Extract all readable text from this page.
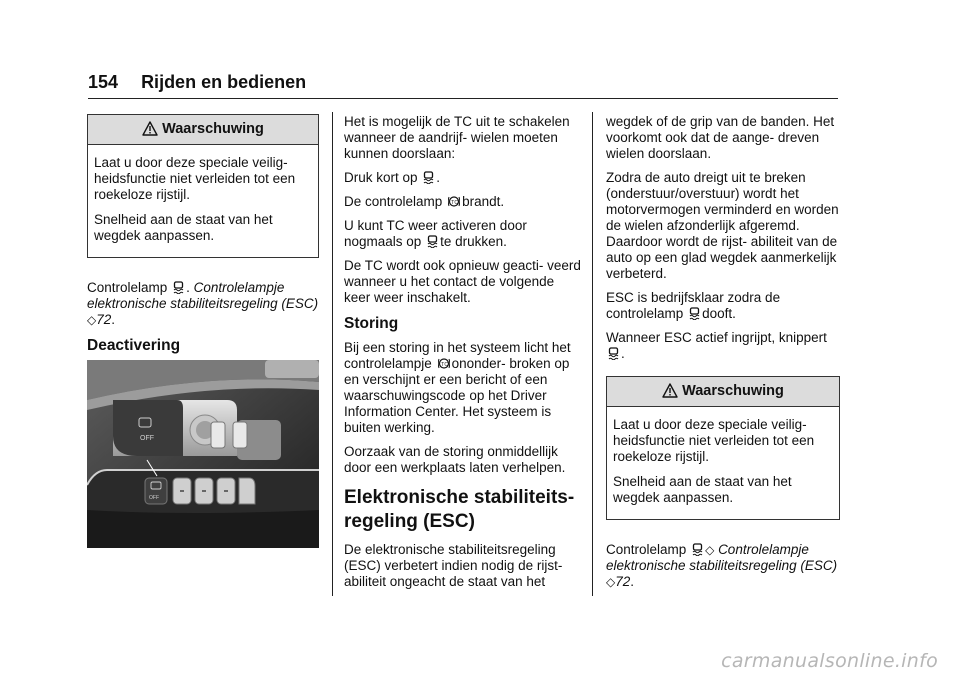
154 Rijden en bedienen
Waarschuwing

Laat u door deze speciale veilig- heidsfunctie niet verleiden tot een roekeloze rijstijl.

Snelheid aan de staat van het wegdek aanpassen.

Controlelamp . Controlelampje elektronische stabiliteitsregeling (ESC) ◇72.

Deactivering
OFF
OFF

Het is mogelijk de TC uit te schakelen wanneer de aandrijf- wielen moeten kunnen doorslaan:

Druk kort op .

De controlelamp TC brandt.

U kunt TC weer activeren door nogmaals op te drukken.

De TC wordt ook opnieuw geacti- veerd wanneer u het contact de volgende keer weer inschakelt.

Storing

Bij een storing in het systeem licht het controlelampje TC ononder- broken op en verschijnt er een bericht of een waarschuwingscode op het Driver Information Center. Het systeem is buiten werking.

Oorzaak van de storing onmiddellijk door een werkplaats laten verhelpen.

Elektronische stabiliteits- regeling (ESC)

De elektronische stabiliteitsregeling (ESC) verbetert indien nodig de rijst- abiliteit ongeacht de staat van het

wegdek of de grip van de banden. Het voorkomt ook dat de aange- dreven wielen doorslaan.

Zodra de auto dreigt uit te breken (onderstuur/overstuur) wordt het motorvermogen verminderd en worden de wielen afzonderlijk afgeremd. Daardoor wordt de rijst- abiliteit van de auto op een glad wegdek aanmerkelijk verbeterd.

ESC is bedrijfsklaar zodra de controlelamp dooft.

Wanneer ESC actief ingrijpt, knippert .

Waarschuwing

Laat u door deze speciale veilig- heidsfunctie niet verleiden tot een roekeloze rijstijl.

Snelheid aan de staat van het wegdek aanpassen.

Controlelamp ◇ Controlelampje elektronische stabiliteitsregeling (ESC) ◇72.

carmanualsonline.info
